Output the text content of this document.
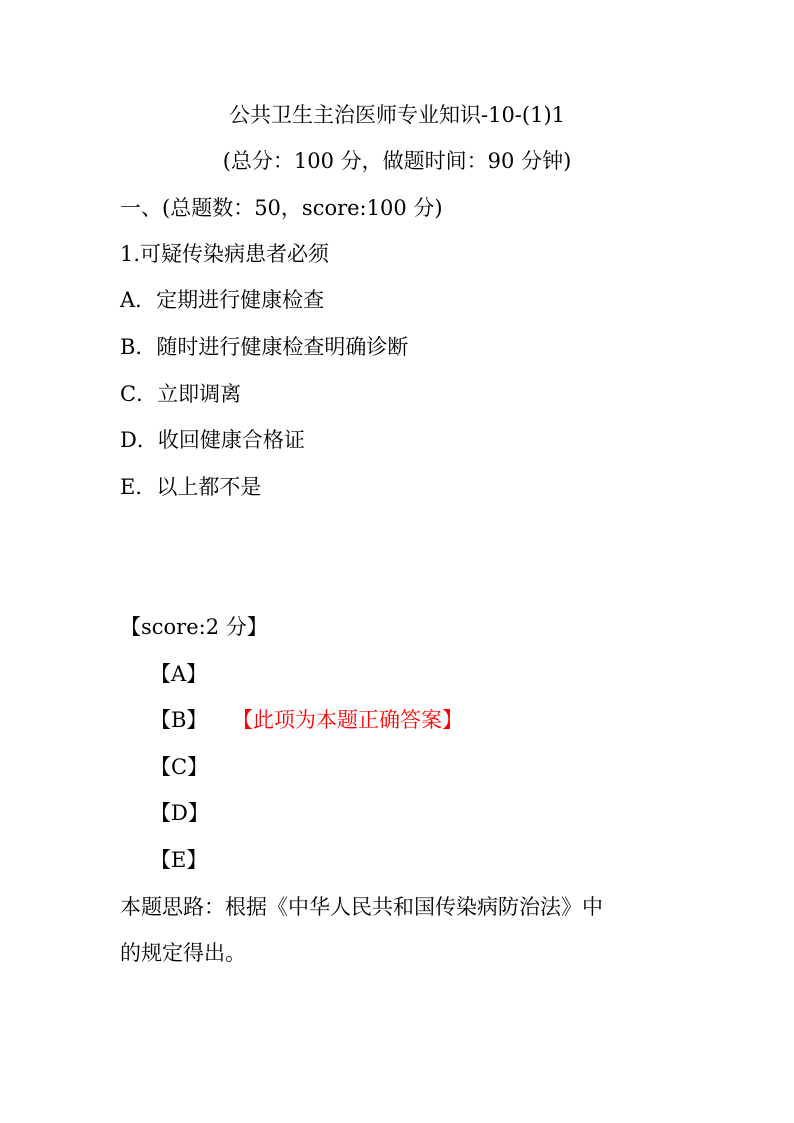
公共卫生主治医师专业知识-10-(1)1
(总分：100 分，做题时间：90 分钟)
一、(总题数：50，score:100 分)
1.可疑传染病患者必须
A．定期进行健康检查
B．随时进行健康检查明确诊断
C．立即调离
D．收回健康合格证
E．以上都不是
【score:2 分】
【A】
【B】 【此项为本题正确答案】
【C】
【D】
【E】
本题思路：根据《中华人民共和国传染病防治法》中
的规定得出。
